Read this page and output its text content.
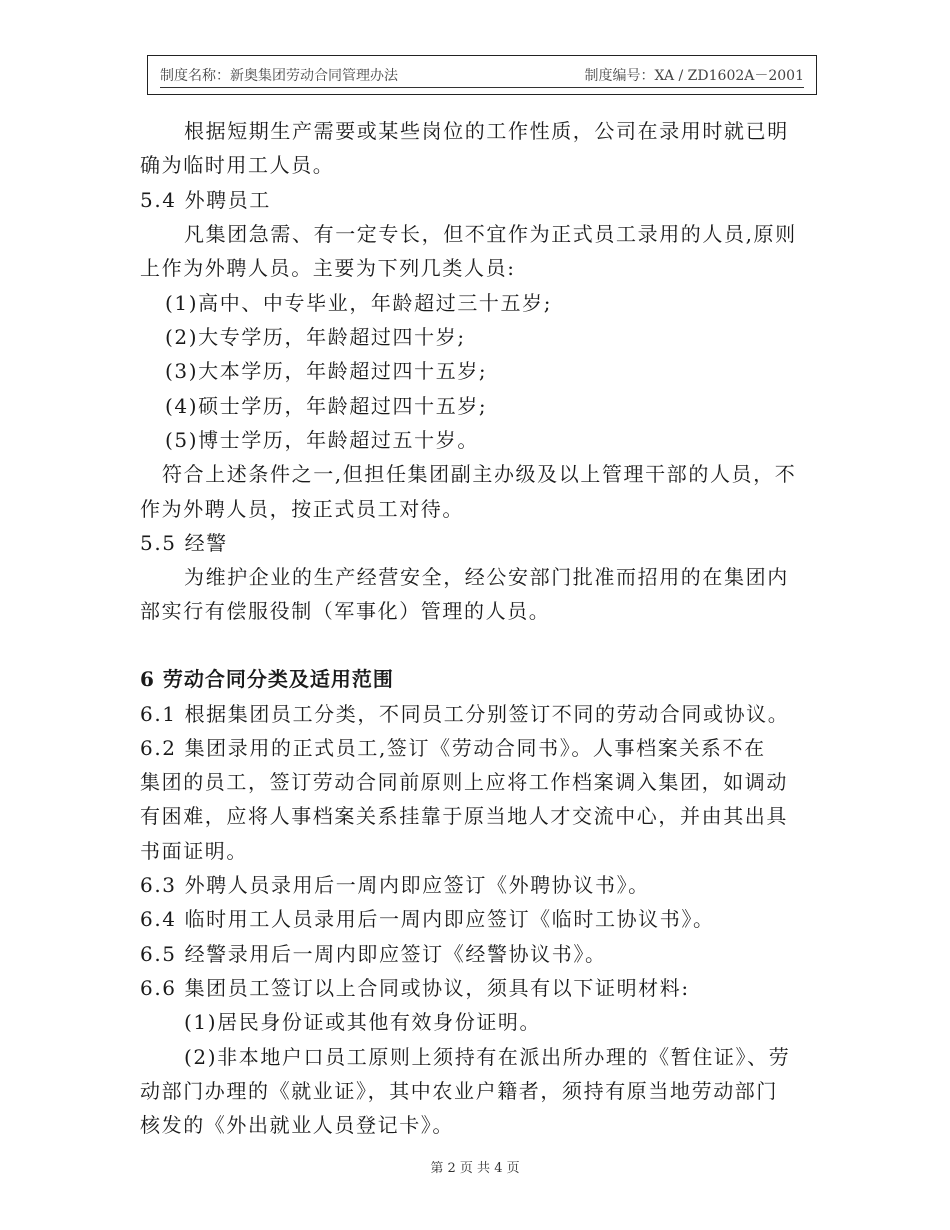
制度名称：新奥集团劳动合同管理办法	制度编号：XA / ZD1602A－2001
根据短期生产需要或某些岗位的工作性质，公司在录用时就已明
确为临时用工人员。
5.4 外聘员工
凡集团急需、有一定专长，但不宜作为正式员工录用的人员,原则
上作为外聘人员。主要为下列几类人员:
(1)高中、中专毕业，年龄超过三十五岁;
(2)大专学历，年龄超过四十岁;
(3)大本学历，年龄超过四十五岁;
(4)硕士学历，年龄超过四十五岁;
(5)博士学历，年龄超过五十岁。
符合上述条件之一,但担任集团副主办级及以上管理干部的人员，不
作为外聘人员，按正式员工对待。
5.5 经警
为维护企业的生产经营安全，经公安部门批准而招用的在集团内
部实行有偿服役制（军事化）管理的人员。
6 劳动合同分类及适用范围
6.1 根据集团员工分类，不同员工分别签订不同的劳动合同或协议。
6.2 集团录用的正式员工,签订《劳动合同书》。人事档案关系不在
集团的员工，签订劳动合同前原则上应将工作档案调入集团，如调动
有困难，应将人事档案关系挂靠于原当地人才交流中心，并由其出具
书面证明。
6.3 外聘人员录用后一周内即应签订《外聘协议书》。
6.4 临时用工人员录用后一周内即应签订《临时工协议书》。
6.5 经警录用后一周内即应签订《经警协议书》。
6.6 集团员工签订以上合同或协议，须具有以下证明材料:
(1)居民身份证或其他有效身份证明。
(2)非本地户口员工原则上须持有在派出所办理的《暂住证》、劳
动部门办理的《就业证》，其中农业户籍者，须持有原当地劳动部门
核发的《外出就业人员登记卡》。
第 2 页 共 4 页
